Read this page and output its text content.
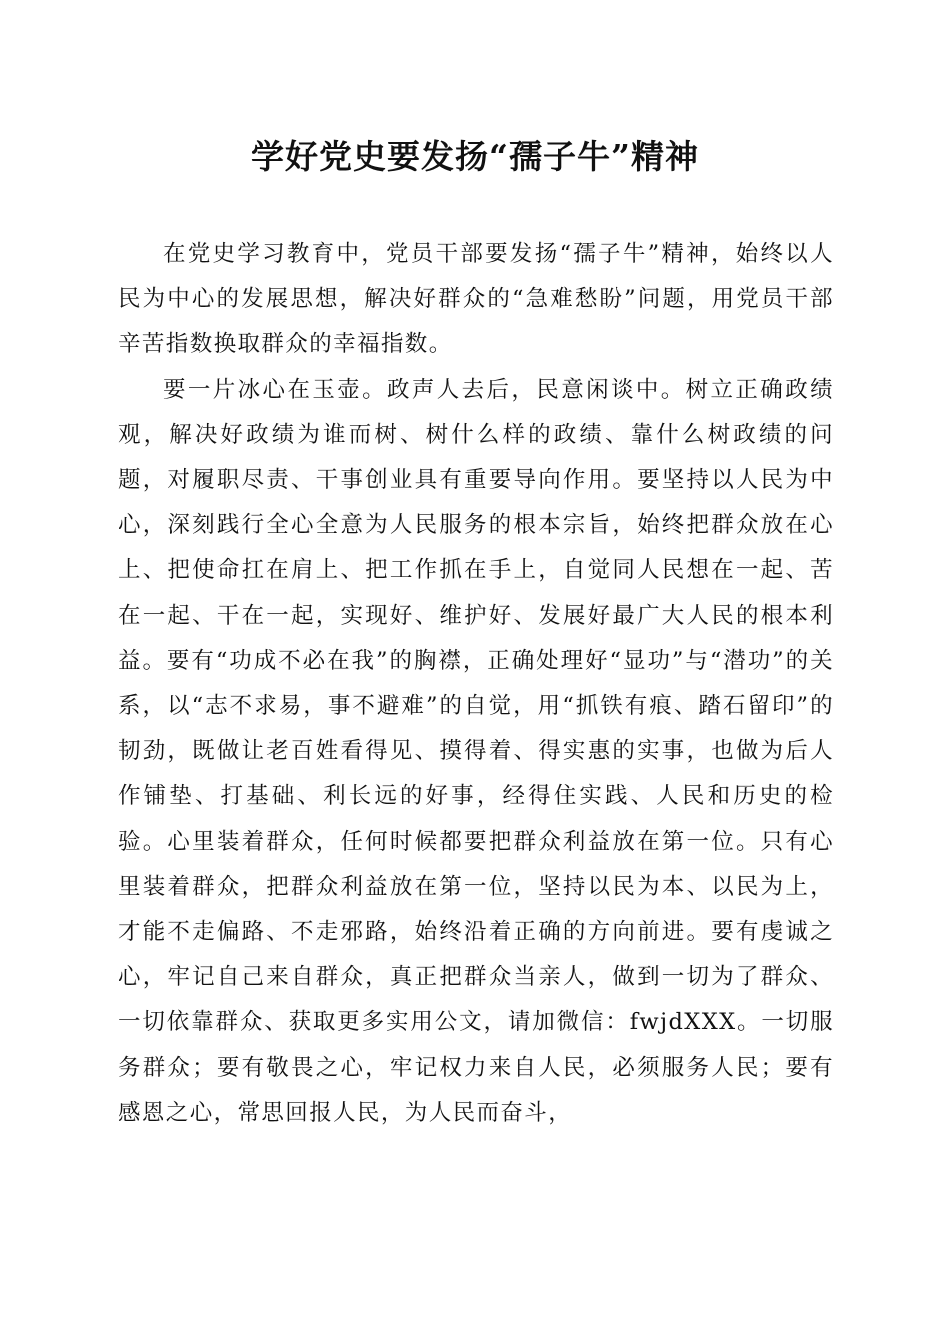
学好党史要发扬“孺子牛”精神

在党史学习教育中，党员干部要发扬“孺子牛”精神，始终以人民为中心的发展思想，解决好群众的“急难愁盼”问题，用党员干部辛苦指数换取群众的幸福指数。

要一片冰心在玉壶。政声人去后，民意闲谈中。树立正确政绩观，解决好政绩为谁而树、树什么样的政绩、靠什么树政绩的问题，对履职尽责、干事创业具有重要导向作用。要坚持以人民为中心，深刻践行全心全意为人民服务的根本宗旨，始终把群众放在心上、把使命扛在肩上、把工作抓在手上，自觉同人民想在一起、苦在一起、干在一起，实现好、维护好、发展好最广大人民的根本利益。要有“功成不必在我”的胸襟，正确处理好“显功”与“潜功”的关系，以“志不求易，事不避难”的自觉，用“抓铁有痕、踏石留印”的韧劲，既做让老百姓看得见、摸得着、得实惠的实事，也做为后人作铺垫、打基础、利长远的好事，经得住实践、人民和历史的检验。心里装着群众，任何时候都要把群众利益放在第一位。只有心里装着群众，把群众利益放在第一位，坚持以民为本、以民为上，才能不走偏路、不走邪路，始终沿着正确的方向前进。要有虔诚之心，牢记自己来自群众，真正把群众当亲人，做到一切为了群众、一切依靠群众、获取更多实用公文，请加微信：fwjdXXX。一切服务群众；要有敬畏之心，牢记权力来自人民，必须服务人民；要有感恩之心，常思回报人民，为人民而奋斗，
